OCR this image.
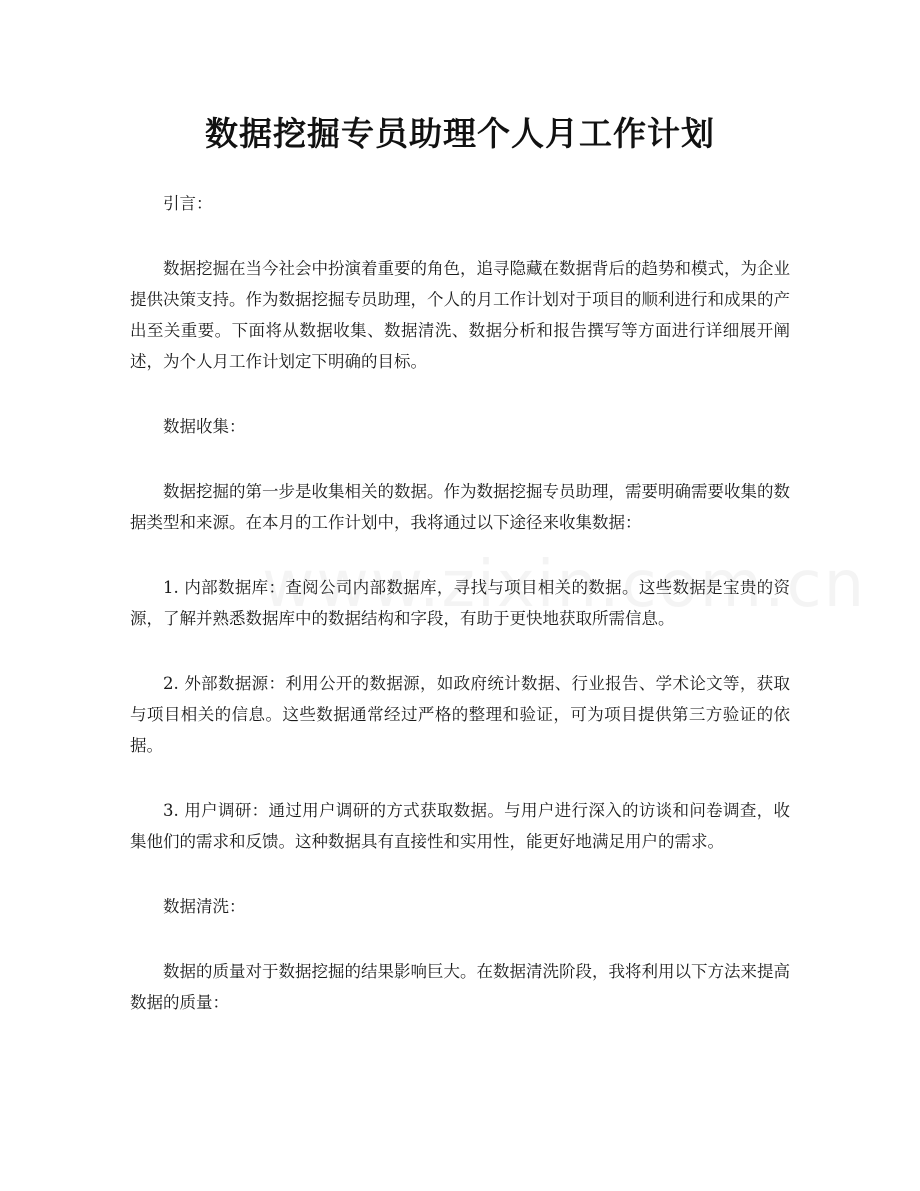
数据挖掘专员助理个人月工作计划

引言：

数据挖掘在当今社会中扮演着重要的角色，追寻隐藏在数据背后的趋势和模式，为企业提供决策支持。作为数据挖掘专员助理，个人的月工作计划对于项目的顺利进行和成果的产出至关重要。下面将从数据收集、数据清洗、数据分析和报告撰写等方面进行详细展开阐述，为个人月工作计划定下明确的目标。

数据收集：

数据挖掘的第一步是收集相关的数据。作为数据挖掘专员助理，需要明确需要收集的数据类型和来源。在本月的工作计划中，我将通过以下途径来收集数据：

1. 内部数据库：查阅公司内部数据库，寻找与项目相关的数据。这些数据是宝贵的资源，了解并熟悉数据库中的数据结构和字段，有助于更快地获取所需信息。

2. 外部数据源：利用公开的数据源，如政府统计数据、行业报告、学术论文等，获取与项目相关的信息。这些数据通常经过严格的整理和验证，可为项目提供第三方验证的依据。

3. 用户调研：通过用户调研的方式获取数据。与用户进行深入的访谈和问卷调查，收集他们的需求和反馈。这种数据具有直接性和实用性，能更好地满足用户的需求。

数据清洗：

数据的质量对于数据挖掘的结果影响巨大。在数据清洗阶段，我将利用以下方法来提高数据的质量：
